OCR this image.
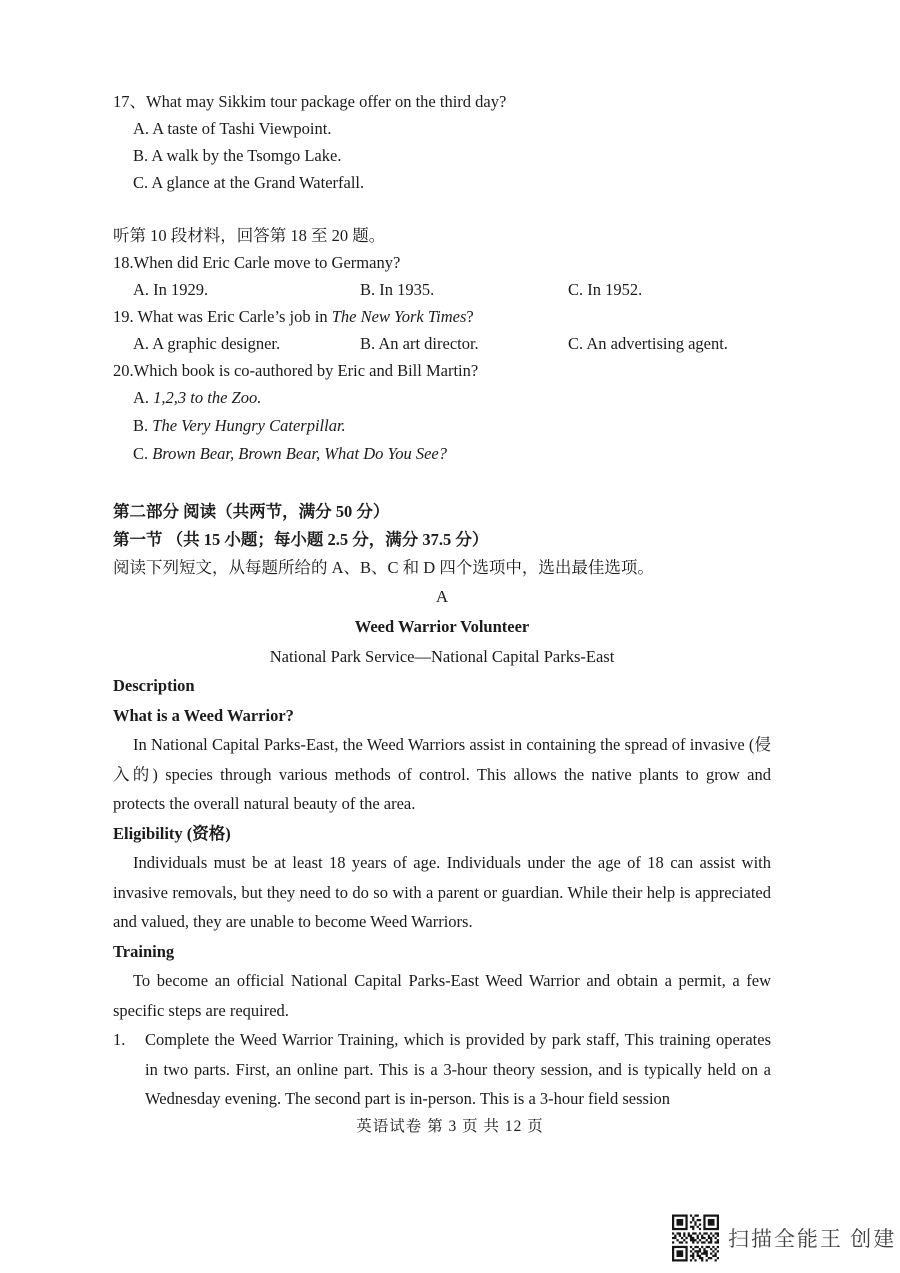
17、What may Sikkim tour package offer on the third day?
A. A taste of Tashi Viewpoint.
B. A walk by the Tsomgo Lake.
C. A glance at the Grand Waterfall.
听第 10 段材料，回答第 18 至 20 题。
18.When did Eric Carle move to Germany?
A. In 1929.	B. In 1935.	C. In 1952.
19. What was Eric Carle’s job in The New York Times?
A. A graphic designer.	B. An art director.	C. An advertising agent.
20.Which book is co-authored by Eric and Bill Martin?
A. 1,2,3 to the Zoo.
B. The Very Hungry Caterpillar.
C. Brown Bear, Brown Bear, What Do You See?
第二部分 阅读（共两节，满分 50 分）
第一节 （共 15 小题；每小题 2.5 分，满分 37.5 分）
阅读下列短文，从每题所给的 A、B、C 和 D 四个选项中，选出最佳选项。
A
Weed Warrior Volunteer
National Park Service—National Capital Parks-East
Description
What is a Weed Warrior?
In National Capital Parks-East, the Weed Warriors assist in containing the spread of invasive (侵入的) species through various methods of control. This allows the native plants to grow and protects the overall natural beauty of the area.
Eligibility (资格)
Individuals must be at least 18 years of age. Individuals under the age of 18 can assist with invasive removals, but they need to do so with a parent or guardian. While their help is appreciated and valued, they are unable to become Weed Warriors.
Training
To become an official National Capital Parks-East Weed Warrior and obtain a permit, a few specific steps are required.
1. Complete the Weed Warrior Training, which is provided by park staff, This training operates in two parts. First, an online part. This is a 3-hour theory session, and is typically held on a Wednesday evening. The second part is in-person. This is a 3-hour field session
英语试卷 第 3 页 共 12 页
扫描全能王 创建
